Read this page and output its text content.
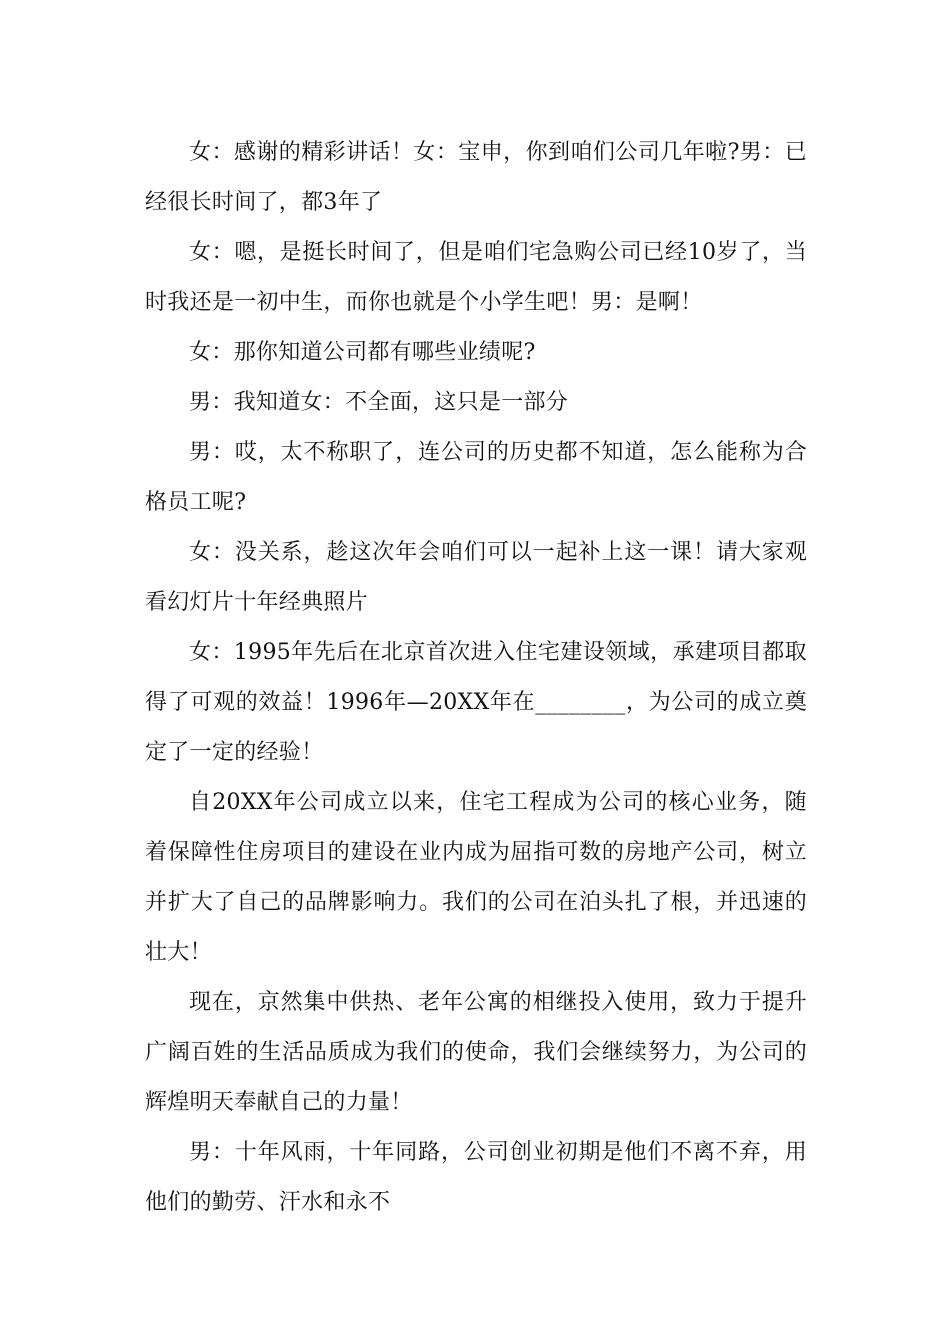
女：感谢的精彩讲话！女：宝申，你到咱们公司几年啦?男：已经很长时间了，都3年了

女：嗯，是挺长时间了，但是咱们宅急购公司已经10岁了，当时我还是一初中生，而你也就是个小学生吧！男：是啊！

女：那你知道公司都有哪些业绩呢?

男：我知道女：不全面，这只是一部分

男：哎，太不称职了，连公司的历史都不知道，怎么能称为合格员工呢?

女：没关系，趁这次年会咱们可以一起补上这一课！请大家观看幻灯片十年经典照片

女：1995年先后在北京首次进入住宅建设领域，承建项目都取得了可观的效益！1996年—20XX年在________，为公司的成立奠定了一定的经验！

自20XX年公司成立以来，住宅工程成为公司的核心业务，随着保障性住房项目的建设在业内成为屈指可数的房地产公司，树立并扩大了自己的品牌影响力。我们的公司在泊头扎了根，并迅速的壮大！

现在，京然集中供热、老年公寓的相继投入使用，致力于提升广阔百姓的生活品质成为我们的使命，我们会继续努力，为公司的辉煌明天奉献自己的力量！

男：十年风雨，十年同路，公司创业初期是他们不离不弃，用他们的勤劳、汗水和永不
